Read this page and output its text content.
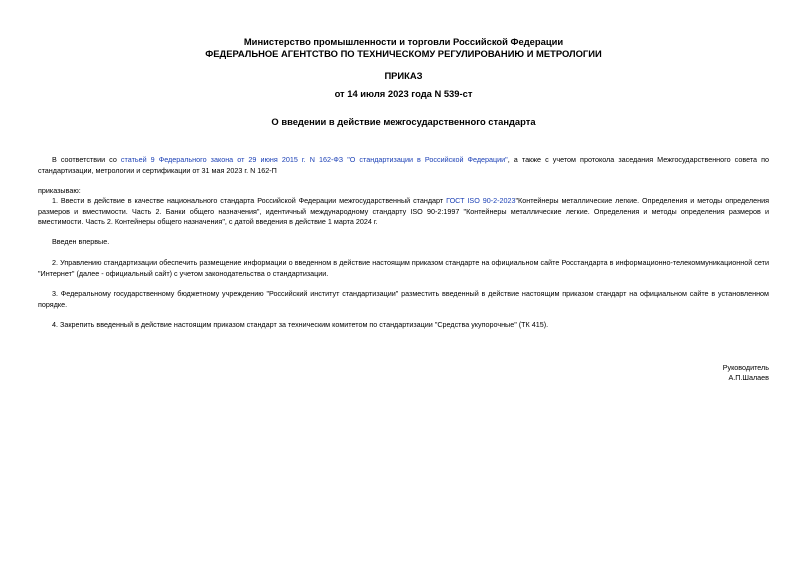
Министерство промышленности и торговли Российской Федерации
ФЕДЕРАЛЬНОЕ АГЕНТСТВО ПО ТЕХНИЧЕСКОМУ РЕГУЛИРОВАНИЮ И МЕТРОЛОГИИ
ПРИКАЗ
от 14 июля 2023 года N 539-ст
О введении в действие межгосударственного стандарта

В соответствии со статьей 9 Федерального закона от 29 июня 2015 г. N 162-ФЗ "О стандартизации в Российской Федерации", а также с учетом протокола заседания Межгосударственного совета по стандартизации, метрологии и сертификации от 31 мая 2023 г. N 162-П

приказываю:

1. Ввести в действие в качестве национального стандарта Российской Федерации межгосударственный стандарт ГОСТ ISO 90-2-2023"Контейнеры металлические легкие. Определения и методы определения размеров и вместимости. Часть 2. Банки общего назначения", идентичный международному стандарту ISO 90-2:1997 "Контейнеры металлические легкие. Определения и методы определения размеров и вместимости. Часть 2. Контейнеры общего назначения", с датой введения в действие 1 марта 2024 г.

Введен впервые.

2. Управлению стандартизации обеспечить размещение информации о введенном в действие настоящим приказом стандарте на официальном сайте Росстандарта в информационно-телекоммуникационной сети "Интернет" (далее - официальный сайт) с учетом законодательства о стандартизации.

3. Федеральному государственному бюджетному учреждению "Российский институт стандартизации" разместить введенный в действие настоящим приказом стандарт на официальном сайте в установленном порядке.

4. Закрепить введенный в действие настоящим приказом стандарт за техническим комитетом по стандартизации "Средства укупорочные" (ТК 415).

Руководитель
А.П.Шалаев
